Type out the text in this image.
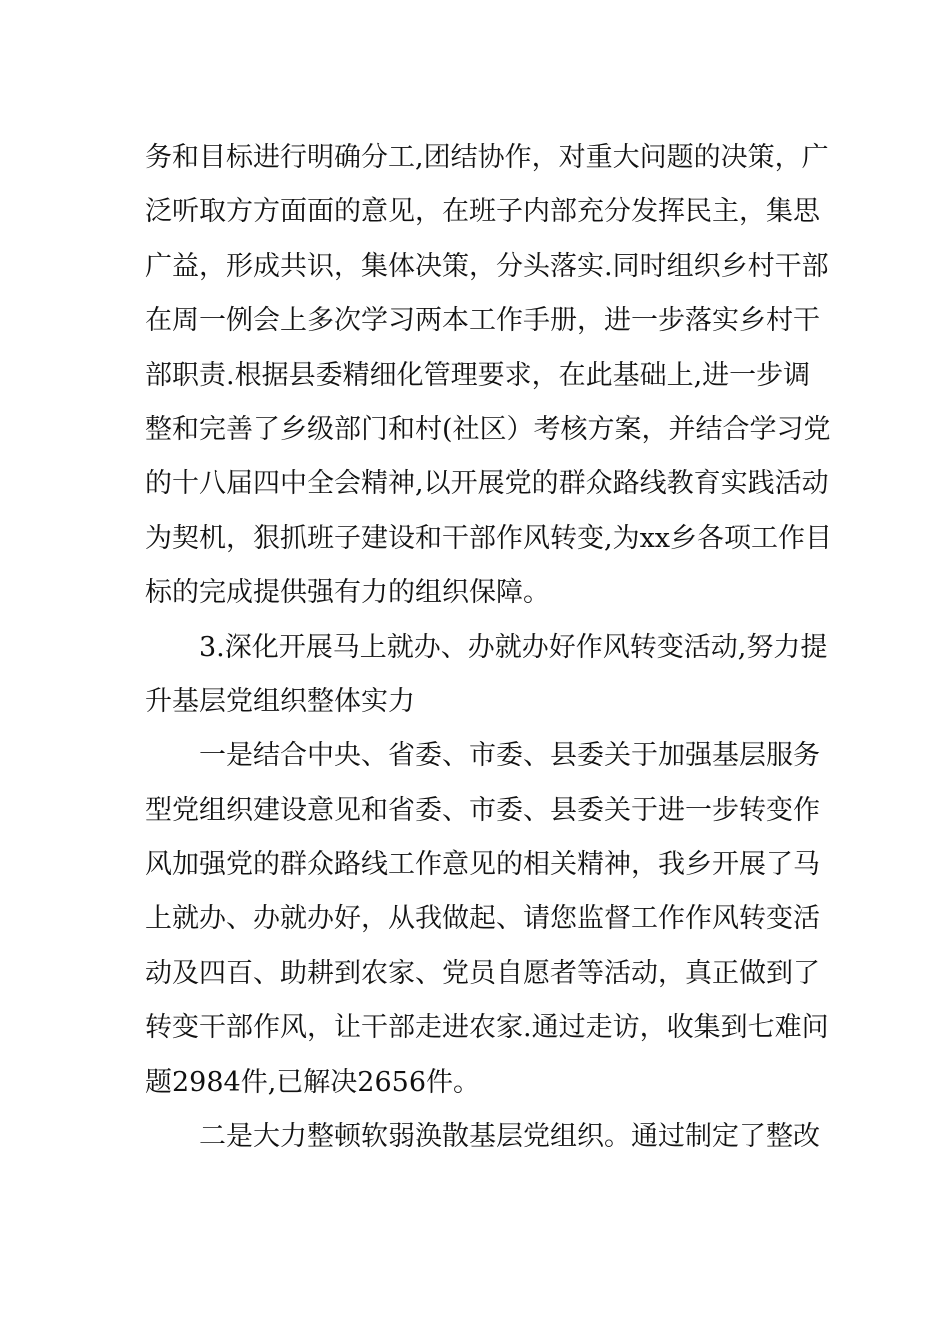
务和目标进行明确分工,团结协作，对重大问题的决策，广
泛听取方方面面的意见，在班子内部充分发挥民主，集思
广益，形成共识，集体决策，分头落实.同时组织乡村干部
在周一例会上多次学习两本工作手册，进一步落实乡村干
部职责.根据县委精细化管理要求，在此基础上,进一步调
整和完善了乡级部门和村(社区）考核方案，并结合学习党
的十八届四中全会精神,以开展党的群众路线教育实践活动
为契机，狠抓班子建设和干部作风转变,为xx乡各项工作目
标的完成提供强有力的组织保障。
3.深化开展马上就办、办就办好作风转变活动,努力提
升基层党组织整体实力
一是结合中央、省委、市委、县委关于加强基层服务
型党组织建设意见和省委、市委、县委关于进一步转变作
风加强党的群众路线工作意见的相关精神，我乡开展了马
上就办、办就办好，从我做起、请您监督工作作风转变活
动及四百、助耕到农家、党员自愿者等活动，真正做到了
转变干部作风，让干部走进农家.通过走访，收集到七难问
题2984件,已解决2656件。
二是大力整顿软弱涣散基层党组织。通过制定了整改
